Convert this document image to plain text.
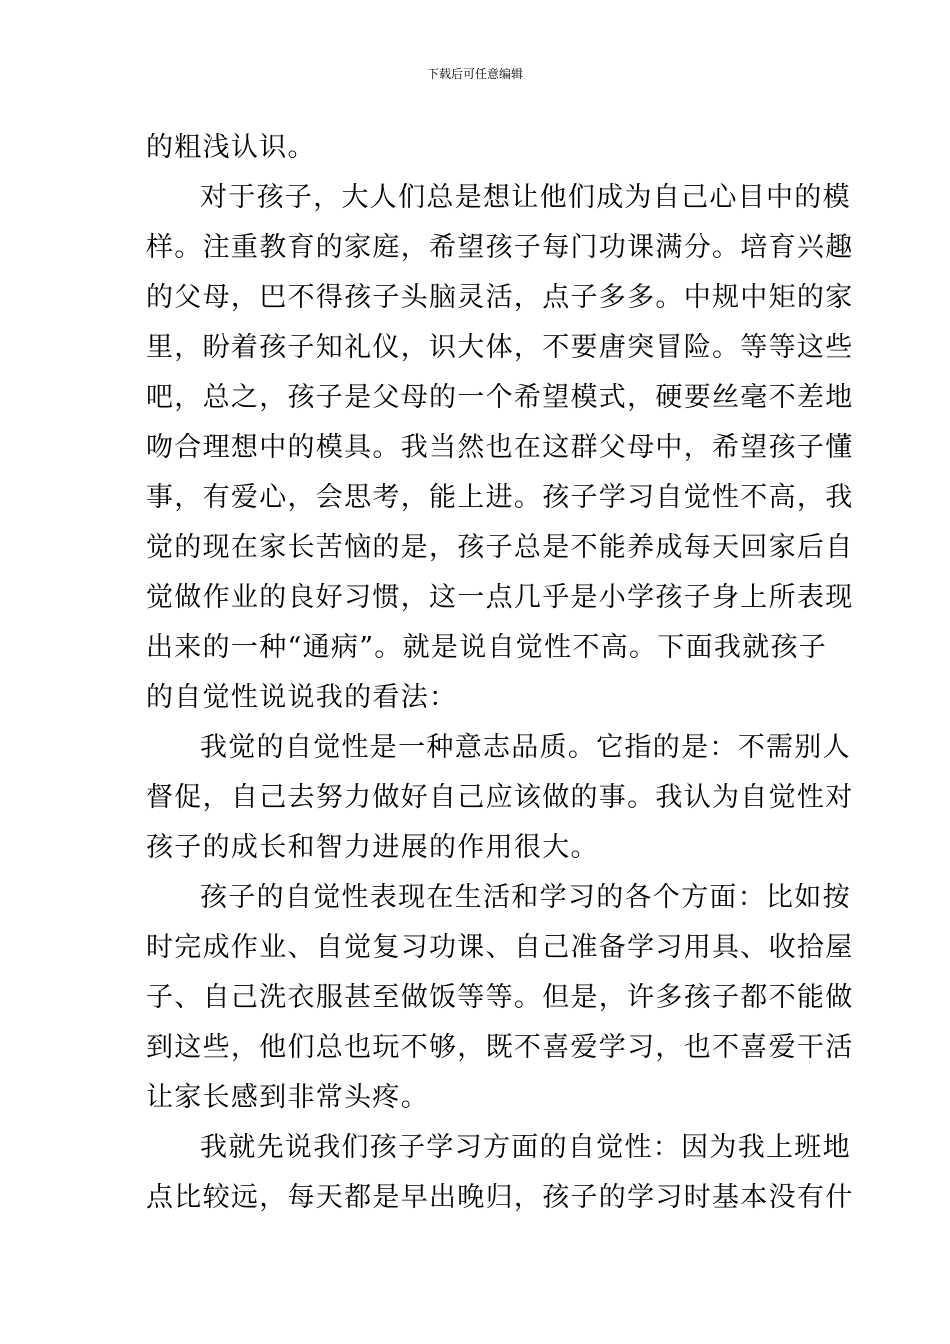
下载后可任意编辑
的粗浅认识。
对于孩子，大人们总是想让他们成为自己心目中的模
样。注重教育的家庭，希望孩子每门功课满分。培育兴趣
的父母，巴不得孩子头脑灵活，点子多多。中规中矩的家
里，盼着孩子知礼仪，识大体，不要唐突冒险。等等这些
吧，总之，孩子是父母的一个希望模式，硬要丝毫不差地
吻合理想中的模具。我当然也在这群父母中，希望孩子懂
事，有爱心，会思考，能上进。孩子学习自觉性不高，我
觉的现在家长苦恼的是，孩子总是不能养成每天回家后自
觉做作业的良好习惯，这一点几乎是小学孩子身上所表现
出来的一种“通病”。就是说自觉性不高。下面我就孩子
的自觉性说说我的看法：
我觉的自觉性是一种意志品质。它指的是：不需别人
督促，自己去努力做好自己应该做的事。我认为自觉性对
孩子的成长和智力进展的作用很大。
孩子的自觉性表现在生活和学习的各个方面：比如按
时完成作业、自觉复习功课、自己准备学习用具、收拾屋
子、自己洗衣服甚至做饭等等。但是，许多孩子都不能做
到这些，他们总也玩不够，既不喜爱学习，也不喜爱干活
让家长感到非常头疼。
我就先说我们孩子学习方面的自觉性：因为我上班地
点比较远，每天都是早出晚归，孩子的学习时基本没有什
